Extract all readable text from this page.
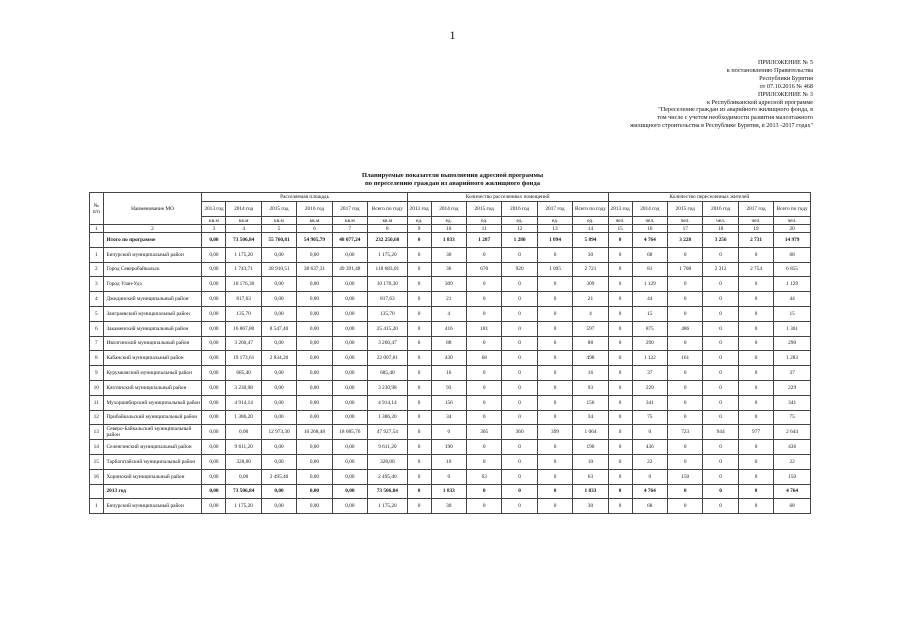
1
ПРИЛОЖЕНИЕ № 5
к постановлению Правительства
Республики Бурятия
от 07.10.2016 № 468
ПРИЛОЖЕНИЕ № 3
к Республиканской адресной программе
"Переселение граждан из аварийного жилищного фонда, в
том числе с учетом необходимости развития малоэтажного
жилищного строительства в Республике Бурятия, в 2013 -2017 годах"
Планируемые показатели выполнения адресной программы
по переселению граждан из аварийного жилищного фонда
№ п/п	Наименование МО	Расселяемая площадь						Количество расселенных помещений						Количество переселенных жителей					
		2013 год	2014 год	2015 год	2016 год	2017 год	Всего по году	2013 год	2014 год	2015 год	2016 год	2017 год	Всего по году	2013 год	2014 год	2015 год	2016 год	2017 год	Всего по году
		кв.м	кв.м	кв.м	кв.м	кв.м	кв.м	ед.	ед.	ед.	ед.	ед.	ед.	чел.	чел.	чел.	чел.	чел.	чел.
1	2	3	4	5	6	7	8	9	10	11	12	13	14	15	16	17	18	19	20
	Итого по программе	0,00	73 506,84	55 760,81	54 905,79	48 077,24	232 250,68	0	1 833	1 287	1 280	1 094	5 894	0	4 764	3 228	3 256	2 731	14 979
1	Бичурский муниципальный район	0,00	1 175,20	0,00	0,00	0,00	1 175,20	0	30	0	0	0	30	0	68	0	0	0	68
2	Город Северобайкальск	0,00	1 743,71	28 910,51	38 637,31	49 391,48	118 683,01	0	36	670	920	1 095	2 721	0	81	1 708	2 312	2 754	6 855
3	Город Улан-Удэ	0,00	10 176,30	0,00	0,00	0,00	10 176,30	0	309	0	0	0	309	0	1 129	0	0	0	1 129
4	Джидинский муниципальный район	0,00	817,63	0,00	0,00	0,00	817,63	0	21	0	0	0	21	0	44	0	0	0	44
5	Заиграевский муниципальный район	0,00	135,70	0,00	0,00	0,00	135,70	0	4	0	0	0	4	0	15	0	0	0	15
6	Закаменский муниципальный район	0,00	16 867,80	8 547,40	0,00	0,00	25 415,20	0	416	181	0	0	597	0	875	486	0	0	1 361
7	Иволгинский муниципальный район	0,00	3 260,47	0,00	0,00	0,00	3 260,47	0	88	0	0	0	88	0	290	0	0	0	290
8	Кабанский муниципальный район	0,00	19 173,61	2 834,20	0,00	0,00	22 007,81	0	430	68	0	0	498	0	1 122	161	0	0	1 283
9	Курумканский муниципальный район	0,00	685,40	0,00	0,00	0,00	685,40	0	16	0	0	0	16	0	37	0	0	0	37
10	Кяхтинский муниципальный район	0,00	3 230,98	0,00	0,00	0,00	3 230,98	0	93	0	0	0	93	0	229	0	0	0	229
11	Мухоршибирский муниципальный район	0,00	4 914,14	0,00	0,00	0,00	4 914,14	0	156	0	0	0	156	0	341	0	0	0	341
12	Прибайкальский муниципальный район	0,00	1 386,20	0,00	0,00	0,00	1 386,20	0	34	0	0	0	34	0	75	0	0	0	75
13	Северо-Байкальский муниципальный район	0,00	0,00	12 973,30	16 268,48	18 685,76	47 927,54	0	0	305	360	399	1 064	0	0	723	944	977	2 644
14	Селенгинский муниципальный район	0,00	9 611,20	0,00	0,00	0,00	9 611,20	0	190	0	0	0	190	0	436	0	0	0	436
15	Тарбагатайский муниципальный район	0,00	328,00	0,00	0,00	0,00	328,00	0	10	0	0	0	10	0	22	0	0	0	22
16	Хоринский муниципальный район	0,00	0,00	2 495,40	0,00	0,00	2 495,40	0	0	63	0	0	63	0	0	150	0	0	150
	2013 год	0,00	73 506,84	0,00	0,00	0,00	73 506,84	0	1 833	0	0	0	1 833	0	4 764	0	0	0	4 764
1	Бичурский муниципальный район	0,00	1 175,20	0,00	0,00	0,00	1 175,20	0	30	0	0	0	30	0	68	0	0	0	68
